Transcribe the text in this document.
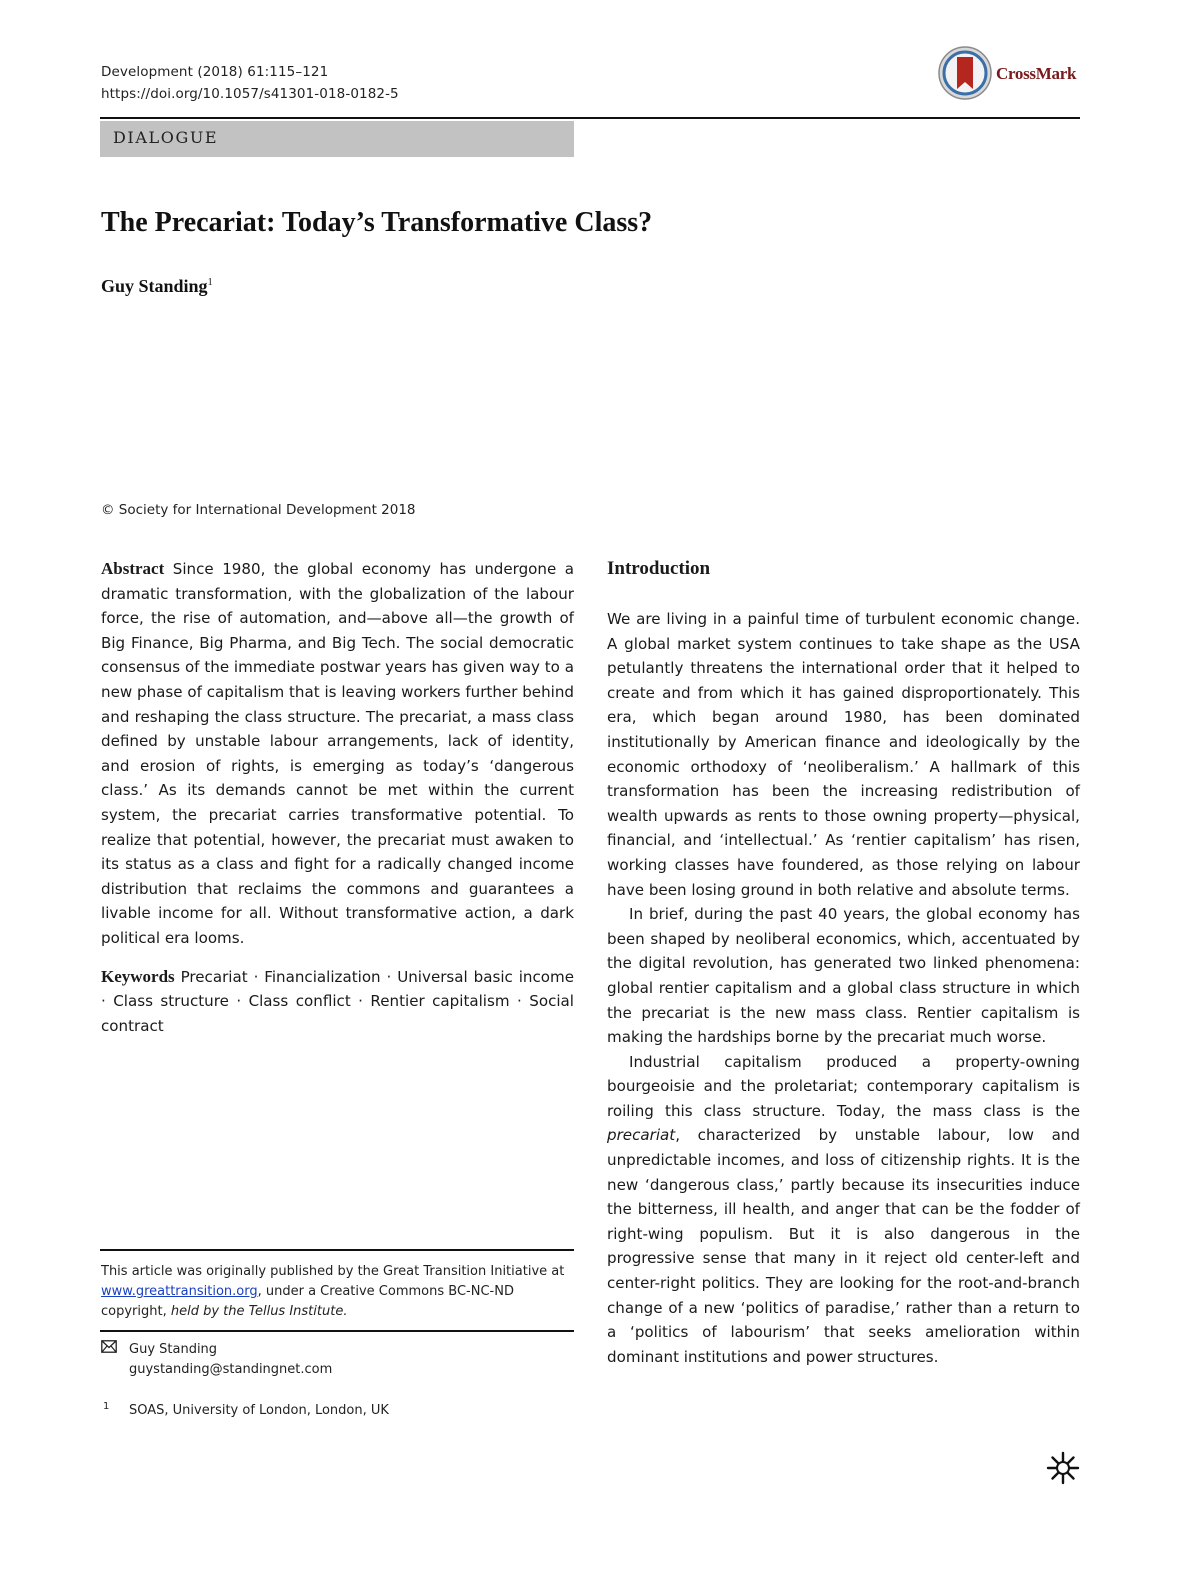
Development (2018) 61:115–121
https://doi.org/10.1057/s41301-018-0182-5
CrossMark
DIALOGUE
The Precariat: Today’s Transformative Class?
Guy Standing$^1$
© Society for International Development 2018

Abstract Since 1980, the global economy has undergone a dramatic transformation, with the globalization of the labour force, the rise of automation, and—above all—the growth of Big Finance, Big Pharma, and Big Tech. The social democratic consensus of the immediate postwar years has given way to a new phase of capitalism that is leaving workers further behind and reshaping the class structure. The precariat, a mass class defined by unstable labour arrangements, lack of identity, and erosion of rights, is emerging as today’s ‘dangerous class.’ As its demands cannot be met within the current system, the precariat carries transformative potential. To realize that potential, however, the precariat must awaken to its status as a class and fight for a radically changed income distribution that reclaims the commons and guarantees a livable income for all. Without transformative action, a dark political era looms.

Keywords Precariat · Financialization · Universal basic income · Class structure · Class conflict · Rentier capitalism · Social contract

This article was originally published by the Great Transition Initiative at www.greattransition.org, under a Creative Commons BC-NC-ND copyright, held by the Tellus Institute.
Guy Standing
guystanding@standingnet.com
1 SOAS, University of London, London, UK

Introduction

We are living in a painful time of turbulent economic change. A global market system continues to take shape as the USA petulantly threatens the international order that it helped to create and from which it has gained disproportionately. This era, which began around 1980, has been dominated institutionally by American finance and ideologically by the economic orthodoxy of ‘neoliberalism.’ A hallmark of this transformation has been the increasing redistribution of wealth upwards as rents to those owning property—physical, financial, and ‘intellectual.’ As ‘rentier capitalism’ has risen, working classes have foundered, as those relying on labour have been losing ground in both relative and absolute terms.

In brief, during the past 40 years, the global economy has been shaped by neoliberal economics, which, accentuated by the digital revolution, has generated two linked phenomena: global rentier capitalism and a global class structure in which the precariat is the new mass class. Rentier capitalism is making the hardships borne by the precariat much worse.

Industrial capitalism produced a property-owning bourgeoisie and the proletariat; contemporary capitalism is roiling this class structure. Today, the mass class is the precariat, characterized by unstable labour, low and unpredictable incomes, and loss of citizenship rights. It is the new ‘dangerous class,’ partly because its insecurities induce the bitterness, ill health, and anger that can be the fodder of right-wing populism. But it is also dangerous in the progressive sense that many in it reject old center-left and center-right politics. They are looking for the root-and-branch change of a new ‘politics of paradise,’ rather than a return to a ‘politics of labourism’ that seeks amelioration within dominant institutions and power structures.
